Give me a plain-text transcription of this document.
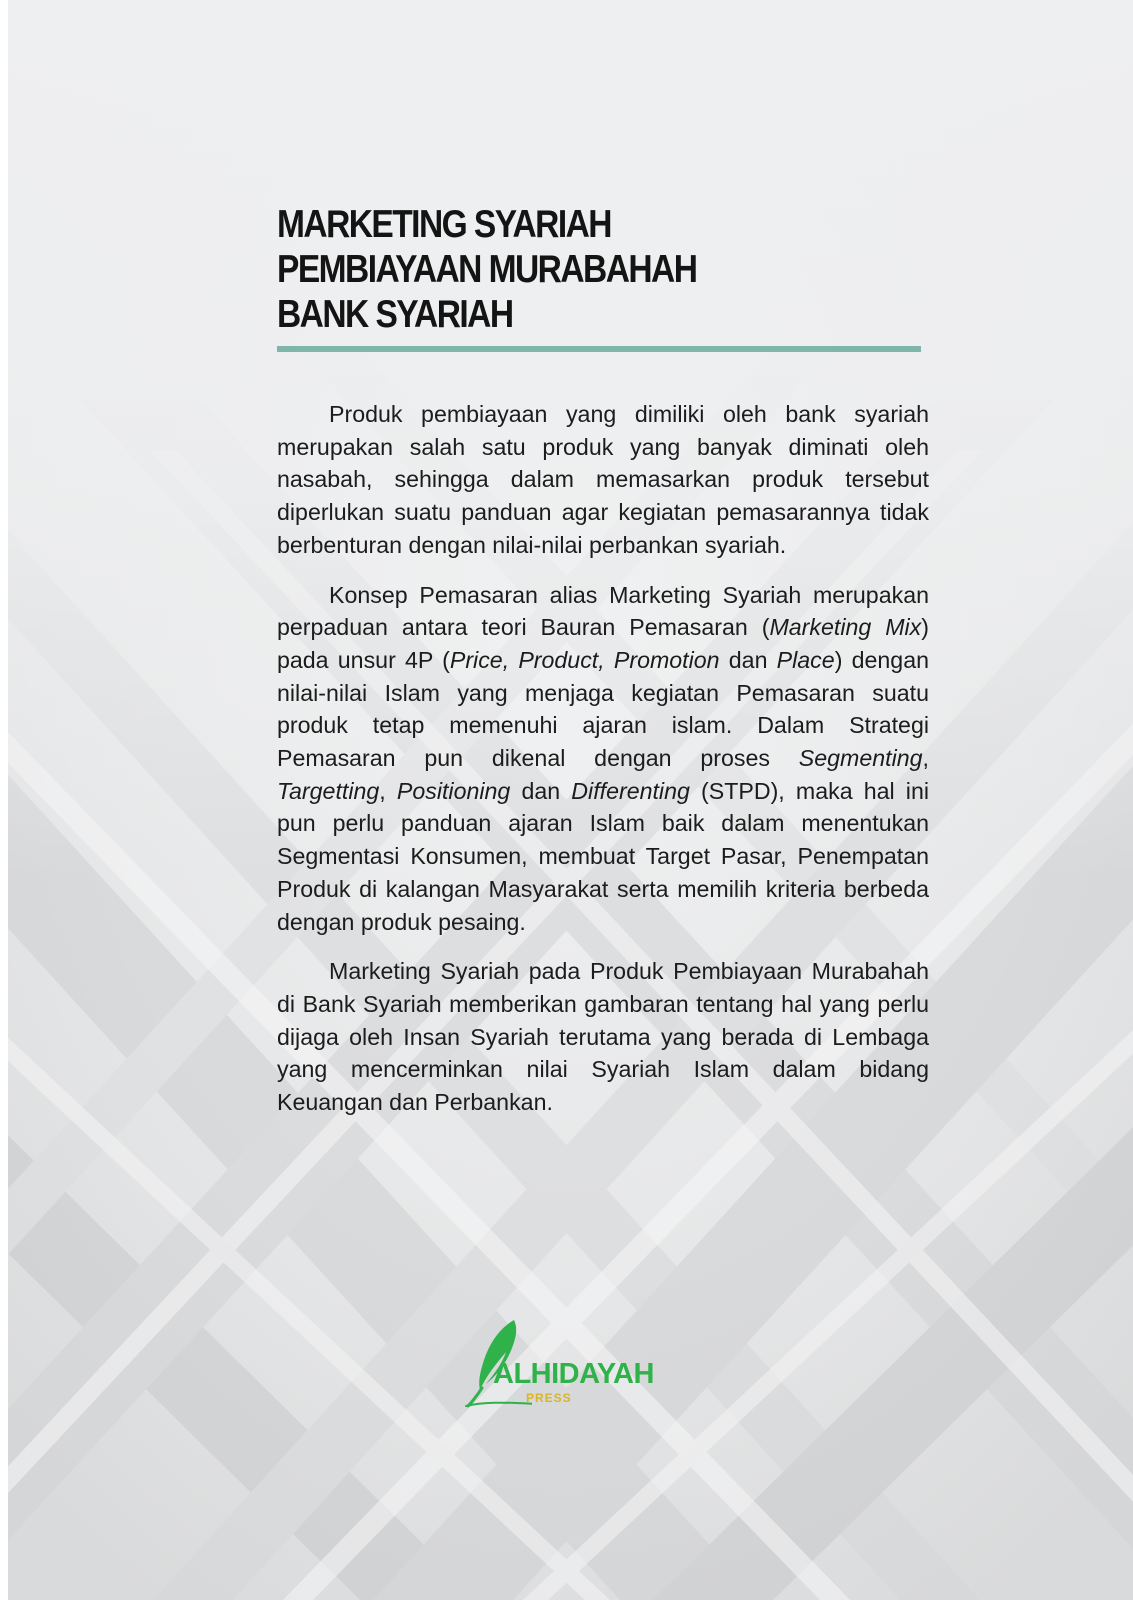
MARKETING SYARIAH
PEMBIAYAAN MURABAHAH
BANK SYARIAH

Produk pembiayaan yang dimiliki oleh bank syariah merupakan salah satu produk yang banyak diminati oleh nasabah, sehingga dalam memasarkan produk tersebut diperlukan suatu panduan agar kegiatan pemasarannya tidak berbenturan dengan nilai-nilai perbankan syariah.

Konsep Pemasaran alias Marketing Syariah merupakan perpaduan antara teori Bauran Pemasaran (Marketing Mix) pada unsur 4P (Price, Product, Promotion dan Place) dengan nilai-nilai Islam yang menjaga kegiatan Pemasaran suatu produk tetap memenuhi ajaran islam. Dalam Strategi Pemasaran pun dikenal dengan proses Segmenting, Targetting, Positioning dan Differenting (STPD), maka hal ini pun perlu panduan ajaran Islam baik dalam menentukan Segmentasi Konsumen, membuat Target Pasar, Penempatan Produk di kalangan Masyarakat serta memilih kriteria berbeda dengan produk pesaing.

Marketing Syariah pada Produk Pembiayaan Murabahah di Bank Syariah memberikan gambaran tentang hal yang perlu dijaga oleh Insan Syariah terutama yang berada di Lembaga yang mencerminkan nilai Syariah Islam dalam bidang Keuangan dan Perbankan.

ALHIDAYAH
PRESS
